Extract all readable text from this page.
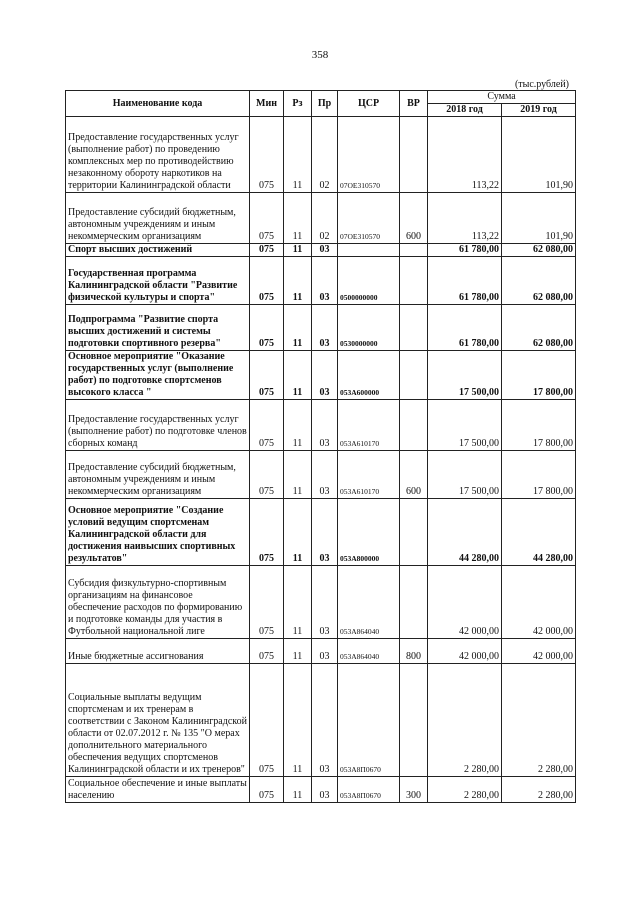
358
(тыс.рублей)
Наименование кода	Мин	Рз	Пр	ЦСР	ВР	Сумма	
						2018 год	2019 год
Предоставление государственных услуг (выполнение работ) по проведению комплексных мер по противодействию незаконному обороту наркотиков на территории Калининградской области	075	11	02	07OE310570		113,22	101,90
Предоставление субсидий бюджетным, автономным учреждениям и иным некоммерческим организациям	075	11	02	07OE310570	600	113,22	101,90
Спорт высших достижений	075	11	03			61 780,00	62 080,00
Государственная программа Калининградской области "Развитие физической культуры и спорта"	075	11	03	0500000000		61 780,00	62 080,00
Подпрограмма "Развитие спорта высших достижений и системы подготовки спортивного резерва"	075	11	03	0530000000		61 780,00	62 080,00
Основное мероприятие "Оказание государственных услуг (выполнение работ) по подготовке спортсменов высокого класса "	075	11	03	053А600000		17 500,00	17 800,00
Предоставление государственных услуг (выполнение работ) по подготовке членов сборных команд	075	11	03	053А610170		17 500,00	17 800,00
Предоставление субсидий бюджетным, автономным учреждениям и иным некоммерческим организациям	075	11	03	053А610170	600	17 500,00	17 800,00
Основное мероприятие "Создание условий ведущим спортсменам Калининградской области для достижения наивысших спортивных результатов"	075	11	03	053А800000		44 280,00	44 280,00
Субсидия физкультурно-спортивным организациям на финансовое обеспечение расходов по формированию и подготовке команды для участия в Футбольной национальной лиге	075	11	03	053А864040		42 000,00	42 000,00
Иные бюджетные ассигнования	075	11	03	053А864040	800	42 000,00	42 000,00
Социальные выплаты ведущим спортсменам и их тренерам в соответствии с Законом Калининградской области от 02.07.2012 г. № 135 "О мерах дополнительного материального обеспечения ведущих спортсменов Калининградской области и их тренеров"	075	11	03	053А8П0670		2 280,00	2 280,00
Социальное обеспечение и иные выплаты населению	075	11	03	053А8П0670	300	2 280,00	2 280,00
